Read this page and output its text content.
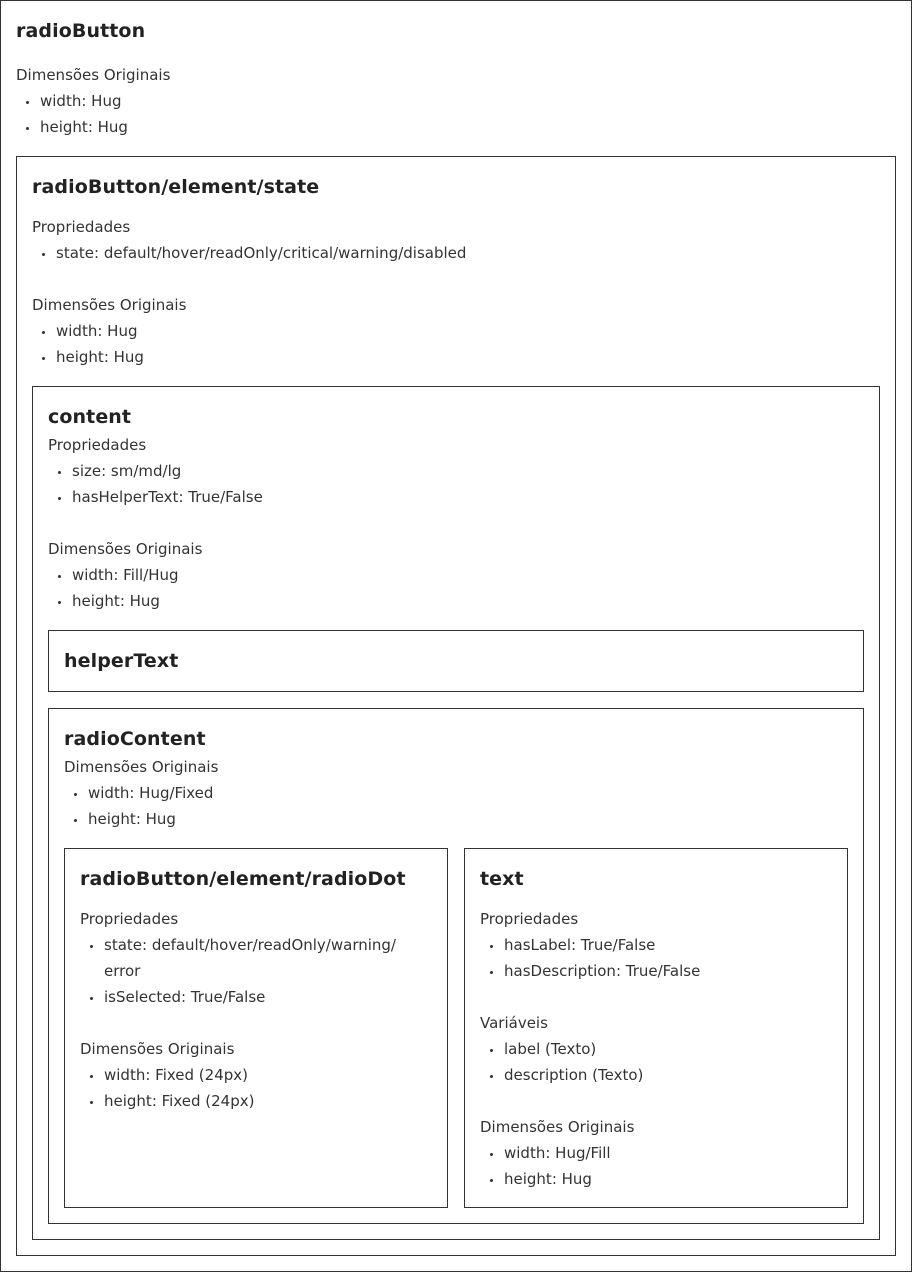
radioButton
Dimensões Originais
width: Hug
height: Hug
radioButton/element/state
Propriedades
state: default/hover/readOnly/critical/warning/disabled
Dimensões Originais
width: Hug
height: Hug
content
Propriedades
size: sm/md/lg
hasHelperText: True/False
Dimensões Originais
width: Fill/Hug
height: Hug
helperText
radioContent
Dimensões Originais
width: Hug/Fixed
height: Hug
radioButton/element/radioDot
Propriedades
state: default/hover/readOnly/warning/
error
isSelected: True/False
Dimensões Originais
width: Fixed (24px)
height: Fixed (24px)
text
Propriedades
hasLabel: True/False
hasDescription: True/False
Variáveis
label (Texto)
description (Texto)
Dimensões Originais
width: Hug/Fill
height: Hug
